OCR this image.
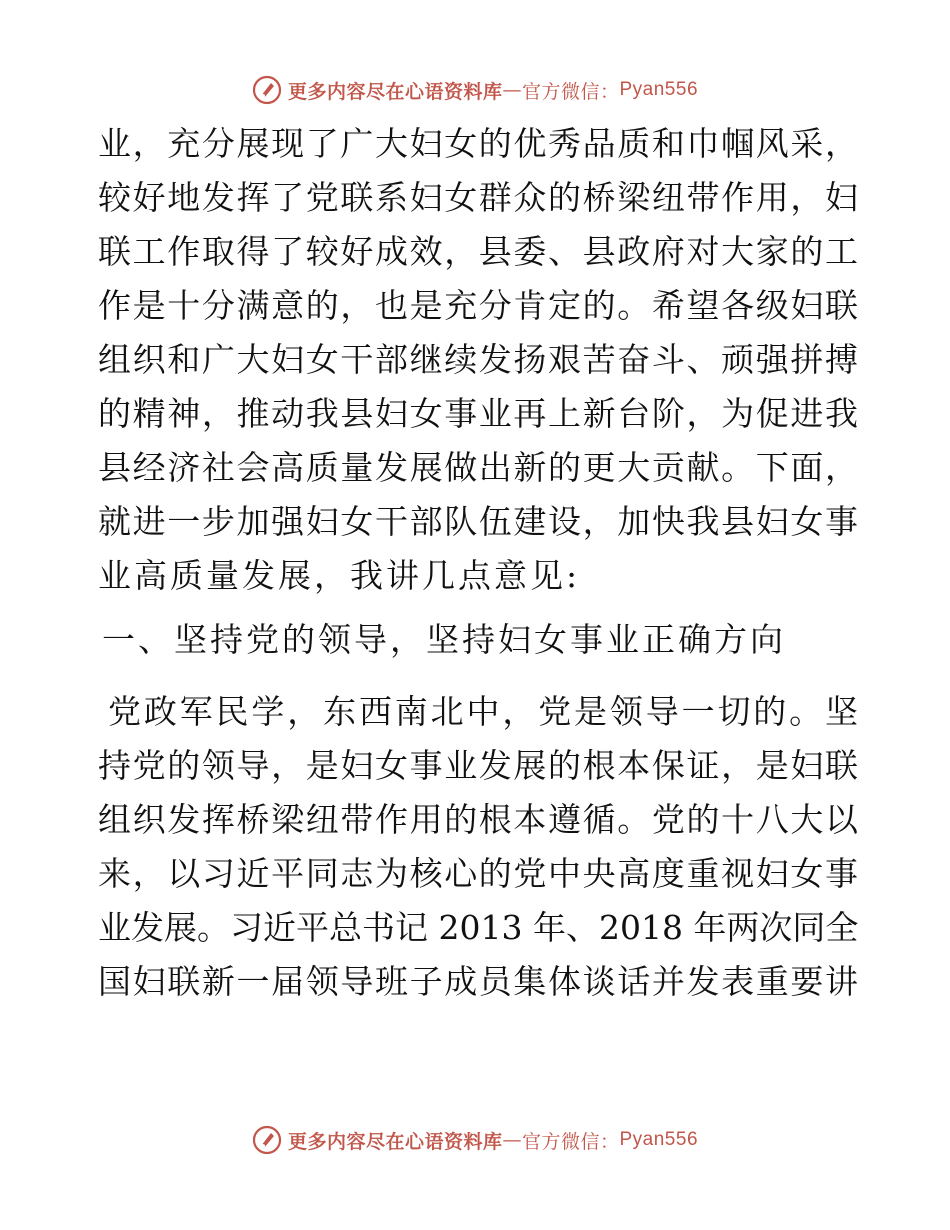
更多内容尽在心语资料库 — 官方微信： Pyan556
业，充分展现了广大妇女的优秀品质和巾帼风采，
较好地发挥了党联系妇女群众的桥梁纽带作用，妇
联工作取得了较好成效，县委、县政府对大家的工
作是十分满意的，也是充分肯定的。希望各级妇联
组织和广大妇女干部继续发扬艰苦奋斗、顽强拼搏
的精神，推动我县妇女事业再上新台阶，为促进我
县经济社会高质量发展做出新的更大贡献。下面，
就进一步加强妇女干部队伍建设，加快我县妇女事
业高质量发展，我讲几点意见:
一、坚持党的领导，坚持妇女事业正确方向
党政军民学，东西南北中，党是领导一切的。坚
持党的领导，是妇女事业发展的根本保证，是妇联
组织发挥桥梁纽带作用的根本遵循。党的十八大以
来，以习近平同志为核心的党中央高度重视妇女事
业发展。习近平总书记 2013 年、2018 年两次同全
国妇联新一届领导班子成员集体谈话并发表重要讲
更多内容尽在心语资料库 — 官方微信： Pyan556
